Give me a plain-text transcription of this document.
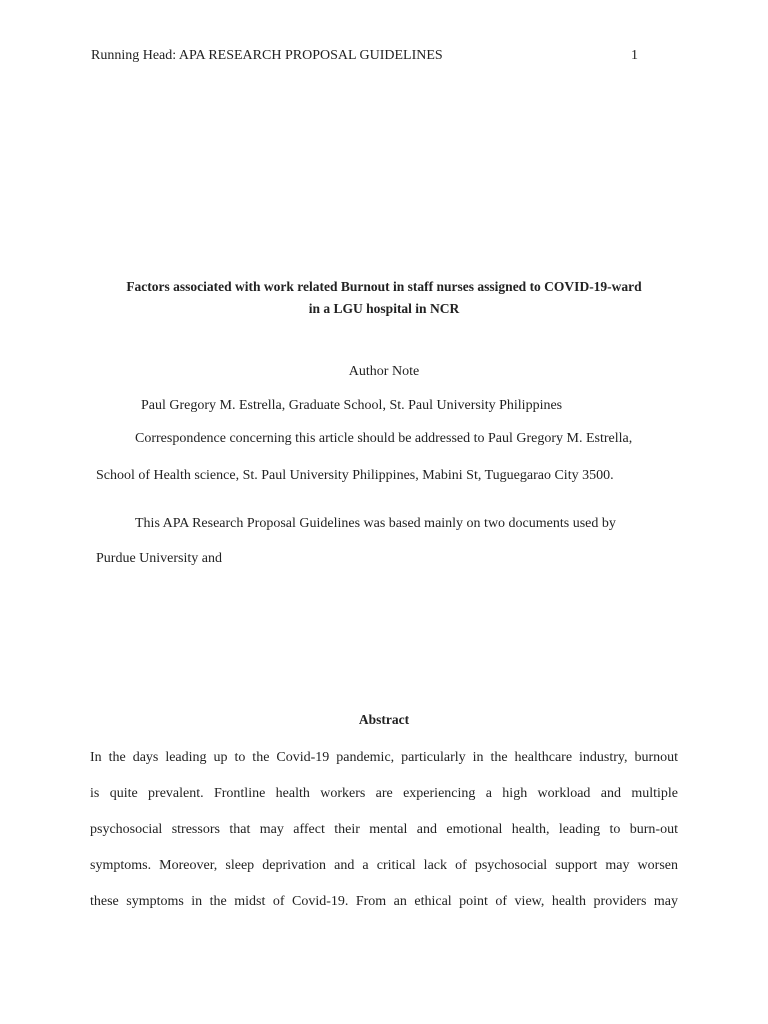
Running Head: APA RESEARCH PROPOSAL GUIDELINES	1
Factors associated with work related Burnout in staff nurses assigned to COVID-19-ward
in a LGU hospital in NCR
Author Note
Paul Gregory M. Estrella, Graduate School, St. Paul University Philippines
Correspondence concerning this article should be addressed to Paul Gregory M. Estrella,
School of Health science, St. Paul University Philippines, Mabini St, Tuguegarao City 3500.
This APA Research Proposal Guidelines was based mainly on two documents used by
Purdue University and
Abstract
In the days leading up to the Covid-19 pandemic, particularly in the healthcare industry, burnout
is quite prevalent. Frontline health workers are experiencing a high workload and multiple
psychosocial stressors that may affect their mental and emotional health, leading to burn-out
symptoms. Moreover, sleep deprivation and a critical lack of psychosocial support may worsen
these symptoms in the midst of Covid-19. From an ethical point of view, health providers may
